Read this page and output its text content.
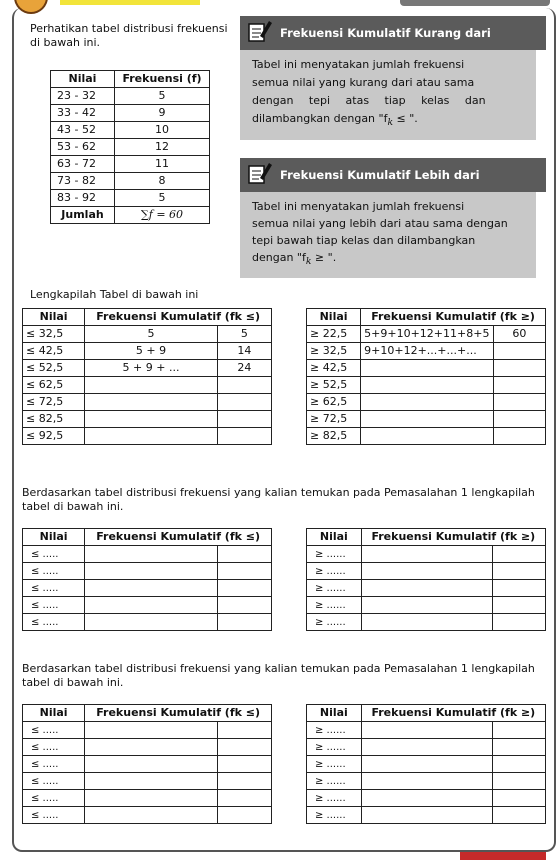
Perhatikan tabel distribusi frekuensi
di bawah ini.
Nilai	Frekuensi (f)
23 - 32	5
33 - 42	9
43 - 52	10
53 - 62	12
63 - 72	11
73 - 82	8
83 - 92	5
Jumlah	∑f = 60
Frekuensi Kumulatif Kurang dari
Tabel ini menyatakan jumlah frekuensi
semua nilai yang kurang dari atau sama
dengan tepi atas tiap kelas dan
dilambangkan dengan "$f_k$ ≤ ".
Frekuensi Kumulatif Lebih dari
Tabel ini menyatakan jumlah frekuensi
semua nilai yang lebih dari atau sama dengan
tepi bawah tiap kelas dan dilambangkan
dengan "$f_k$ ≥ ".
Lengkapilah Tabel di bawah ini
Nilai	Frekuensi Kumulatif (fk ≤)	
≤ 32,5	5	5
≤ 42,5	5 + 9	14
≤ 52,5	5 + 9 + ...	24
≤ 62,5		
≤ 72,5		
≤ 82,5		
≤ 92,5		
Nilai	Frekuensi Kumulatif (fk ≥)	
≥ 22,5	5+9+10+12+11+8+5	60
≥ 32,5	9+10+12+...+...+...	
≥ 42,5		
≥ 52,5		
≥ 62,5		
≥ 72,5		
≥ 82,5		
Berdasarkan tabel distribusi frekuensi yang kalian temukan pada Pemasalahan 1 lengkapilah
tabel di bawah ini.
Nilai	Frekuensi Kumulatif (fk ≤)	
≤ .....		
≤ .....		
≤ .....		
≤ .....		
≤ .....		
Nilai	Frekuensi Kumulatif (fk ≥)	
≥ ......		
≥ ......		
≥ ......		
≥ ......		
≥ ......		
Berdasarkan tabel distribusi frekuensi yang kalian temukan pada Pemasalahan 1 lengkapilah
tabel di bawah ini.
Nilai	Frekuensi Kumulatif (fk ≤)	
≤ .....		
≤ .....		
≤ .....		
≤ .....		
≤ .....		
≤ .....		
Nilai	Frekuensi Kumulatif (fk ≥)	
≥ ......		
≥ ......		
≥ ......		
≥ ......		
≥ ......		
≥ ......		
